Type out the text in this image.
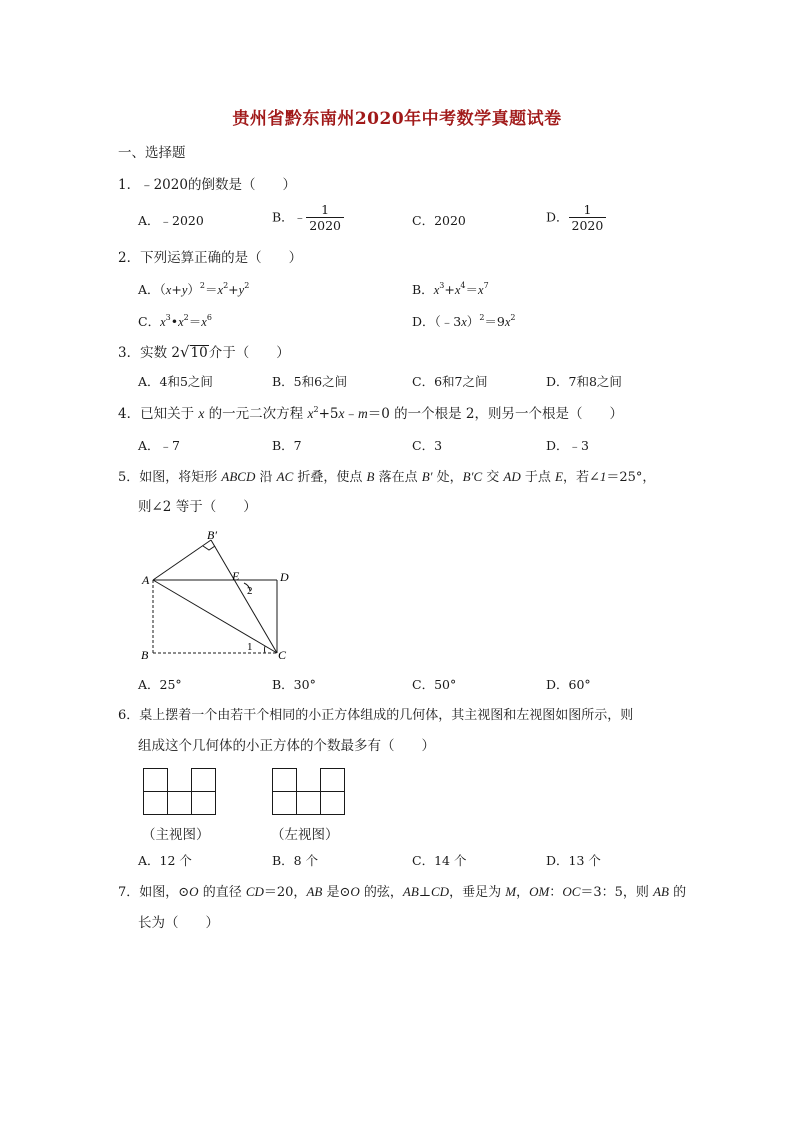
贵州省黔东南州2020年中考数学真题试卷
一、选择题
1．﹣2020的倒数是（　　）
A．﹣2020	B．﹣ $\frac{1}{2020}$	C．2020	D． $\frac{1}{2020}$
2．下列运算正确的是（　　）
A．$(x+y)^2=x^2+y^2$	B．$x^3+x^4=x^7$
C．$x^3•x^2=x^6$	D．$(﹣3x)^2=9x^2$
3．实数 2√10介于（　　）
A．4和5之间	B．5和6之间	C．6和7之间	D．7和8之间
4．已知关于 x 的一元二次方程 $x^2+5x﹣m=0$ 的一个根是 2，则另一个根是（　　）
A．﹣7	B．7	C．3	D．﹣3
5．如图，将矩形 ABCD 沿 AC 折叠，使点 B 落在点 B′ 处，B′C 交 AD 于点 E，若∠1＝25°，
则∠2 等于（　　）
A	D
E
B′
B	C
2
1
A．25°	B．30°	C．50°	D．60°
6．桌上摆着一个由若干个相同的小正方体组成的几何体，其主视图和左视图如图所示，则
组成这个几何体的小正方体的个数最多有（　　）
（主视图）	（左视图）
A．12 个	B．8 个	C．14 个	D．13 个
7．如图，⊙O 的直径 CD＝20，AB 是⊙O 的弦，AB⊥CD，垂足为 M，OM：OC＝3：5，则 AB 的
长为（　　）
